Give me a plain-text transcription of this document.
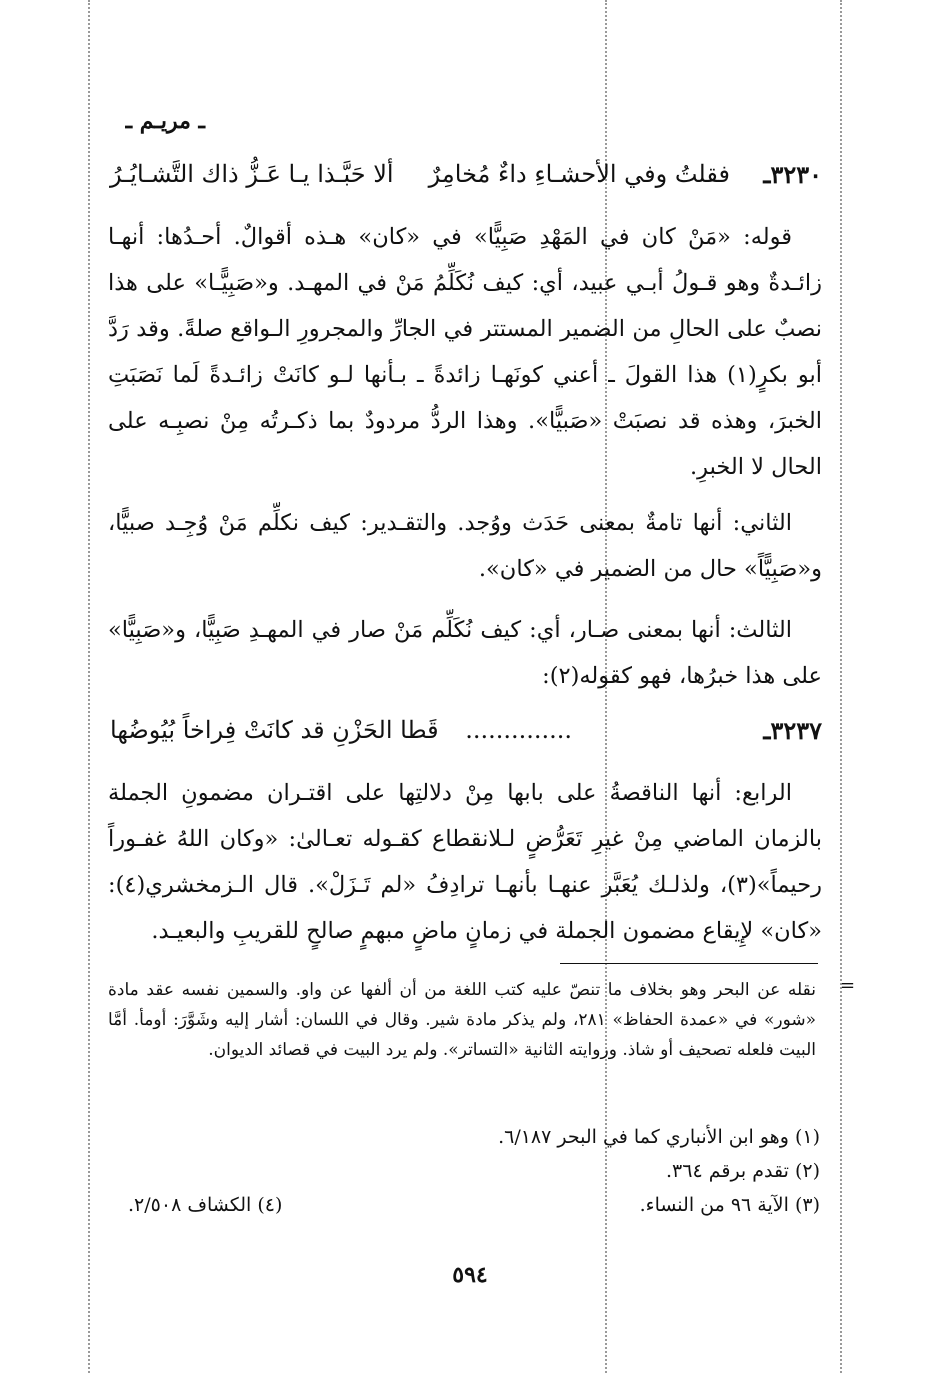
ـ مريـم ـ
٣٢٣٠ـ
فقلتُ وفي الأحشـاءِ داءٌ مُخامِرٌ
ألا حَبَّـذا يـا عَـزُّ ذاك التَّشـايُـرُ

قوله: «مَنْ كان في المَهْدِ صَبِيًّا» في «كان» هـذه أقوالٌ. أحـدُها: أنهـا زائـدةٌ وهو قـولُ أبـي عبيد، أي: كيف نُكَلِّمُ مَنْ في المهـد. و«صَبِيًّـا» على هذا نصبٌ على الحالِ من الضمير المستتر في الجارِّ والمجرورِ الـواقع صلةً. وقد رَدَّ أبو بكرٍ(١) هذا القولَ ـ أعني كونَهـا زائدةً ـ بـأنها لـو كانَتْ زائـدةً لَما نَصَبَتِ الخبرَ، وهذه قد نصبَتْ «صَبيًّا». وهذا الردُّ مردودٌ بما ذكـرتُه مِنْ نصبِـه على الحال لا الخبرِ.

الثاني: أنها تامةٌ بمعنى حَدَث ووُجد. والتقـدير: كيف نكلِّم مَنْ وُجِـد صبيًّا، و«صَبِيًّاً» حال من الضمير في «كان».

الثالث: أنها بمعنى صـار، أي: كيف نُكَلِّم مَنْ صار في المهـدِ صَبِيًّا، و«صَبِيًّا» على هذا خبرُها، فهو كقوله(٢):

٣٢٣٧ـ
..............
قَطا الحَزْنِ قد كانَتْ فِراخاً بُيُوضُها

الرابع: أنها الناقصةُ على بابها مِنْ دلالتِها على اقتـران مضمونِ الجملة بالزمان الماضي مِنْ غيرِ تَعَرُّضٍ لـلانقطاع كقـوله تعـالىٰ: «وكان اللهُ غفـوراً رحيماً»(٣)، ولذلـك يُعَبَّر عنهـا بأنهـا ترادِفُ «لم تَـزَلْ». قال الـزمخشري(٤): «كان» لإِيقاع مضمون الجملة في زمانٍ ماضٍ مبهمٍ صالحٍ للقريبِ والبعيـد.

=
نقله عن البحر وهو بخلاف ما تنصّ عليه كتب اللغة من أن ألفها عن واو. والسمين نفسه عقد مادة «شور» في «عمدة الحفاظ» ٢٨١، ولم يذكر مادة شير. وقال في اللسان: أشار إليه وشَوَّرَ: أومأ. أمَّا البيت فلعله تصحيف أو شاذ. وروايته الثانية «التساتر». ولم يرد البيت في قصائد الديوان.
(١) وهو ابن الأنباري كما في البحر ٦/١٨٧.
(٢) تقدم برقم ٣٦٤.
(٣) الآية ٩٦ من النساء.
(٤) الكشاف ٢/٥٠٨.
٥٩٤
